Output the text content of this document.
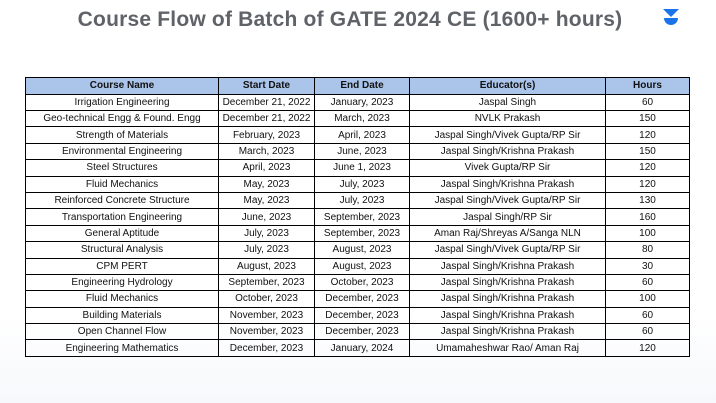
Course Flow of Batch of GATE 2024 CE (1600+ hours)
Course Name	Start Date	End Date	Educator(s)	Hours
Irrigation Engineering	December 21, 2022	January, 2023	Jaspal Singh	60
Geo-technical Engg & Found. Engg	December 21, 2022	March, 2023	NVLK Prakash	150
Strength of Materials	February, 2023	April, 2023	Jaspal Singh/Vivek Gupta/RP Sir	120
Environmental Engineering	March, 2023	June, 2023	Jaspal Singh/Krishna Prakash	150
Steel Structures	April, 2023	June 1, 2023	Vivek Gupta/RP Sir	120
Fluid Mechanics	May, 2023	July, 2023	Jaspal Singh/Krishna Prakash	120
Reinforced Concrete Structure	May, 2023	July, 2023	Jaspal Singh/Vivek Gupta/RP Sir	130
Transportation Engineering	June, 2023	September, 2023	Jaspal Singh/RP Sir	160
General Aptitude	July, 2023	September, 2023	Aman Raj/Shreyas A/Sanga NLN	100
Structural Analysis	July, 2023	August, 2023	Jaspal Singh/Vivek Gupta/RP Sir	80
CPM PERT	August, 2023	August, 2023	Jaspal Singh/Krishna Prakash	30
Engineering Hydrology	September, 2023	October, 2023	Jaspal Singh/Krishna Prakash	60
Fluid Mechanics	October, 2023	December, 2023	Jaspal Singh/Krishna Prakash	100
Building Materials	November, 2023	December, 2023	Jaspal Singh/Krishna Prakash	60
Open Channel Flow	November, 2023	December, 2023	Jaspal Singh/Krishna Prakash	60
Engineering Mathematics	December, 2023	January, 2024	Umamaheshwar Rao/ Aman Raj	120
